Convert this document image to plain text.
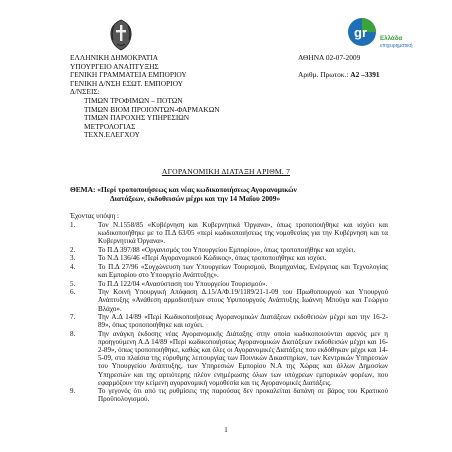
gr Ελλάδα
επιχειρηματική
ΕΛΛΗΝΙΚΗ ΔΗΜΟΚΡΑΤΙΑ
ΥΠΟΥΡΓΕΙΟ ΑΝΑΠΤΥΞΗΣ
ΓΕΝΙΚΗ ΓΡΑΜΜΑΤΕΙΑ ΕΜΠΟΡΙΟΥ
ΓΕΝΙΚΗ Δ/ΝΣΗ ΕΣΩΤ. ΕΜΠΟΡΙΟΥ
Δ/ΝΣΕΙΣ:
ΤΙΜΩΝ ΤΡΟΦΙΜΩΝ – ΠΟΤΩΝ
ΤΙΜΩΝ ΒΙΟΜ ΠΡΟΙΟΝΤΩΝ-ΦΑΡΜΑΚΩΝ
ΤΙΜΩΝ ΠΑΡΟΧΗΣ ΥΠΗΡΕΣΙΩΝ
ΜΕΤΡΟΛΟΓΙΑΣ
ΤΕΧΝ.ΕΛΕΓΧΟΥ
ΑΘΗΝΑ 02-07-2009
Αριθμ. Πρωτοκ.: Α2 –3391
ΑΓΟΡΑΝΟΜΙΚΗ ΔΙΑΤΑΞΗ ΑΡΙΘΜ. 7
ΘΕΜΑ: «Περί τροποποιήσεως και νέας κωδικοποιήσεως Αγορανομικών
Διατάξεων, εκδοθεισών μέχρι και την 14 Μαΐου 2009»
Έχοντας υπόψη :
1.	Τον Ν.1558/85 «Κυβέρνηση και Κυβερνητικά Όργανα», όπως τροποποιήθηκε και ισχύει και κωδικοποιήθηκε με το Π.Δ 63/05 «περί κωδικοποιήσεως της νομοθεσίας για την Κυβέρνηση και τα Κυβερνητικά Όργανα».
2.	Το Π.Δ 397/88 «Οργανισμός του Υπουργείου Εμπορίου», όπως τροποποιήθηκε και ισχύει.
3.	Το Ν.Δ 136/46 «Περί Αγορανομικού Κώδικος», όπως τροποποιήθηκε και ισχύει.
4.	Το Π.Δ 27/96 «Συγχώνευση των Υπουργείων Τουρισμού, Βιομηχανίας, Ενέργειας και Τεχνολογίας και Εμπορίου στο Υπουργείο Ανάπτυξης».
5.	Το Π.Δ 122/04 «Ανασύσταση του Υπουργείου Τουρισμού».
6.	Την Κοινή Υπουργική Απόφαση Δ.15/Α/Φ.19/1189/21-1-09 του Πρωθυπουργού και Υπουργού Ανάπτυξης «Ανάθεση αρμοδιοτήτων στους Υφυπουργούς Ανάπτυξης Ιωάννη Μπούγα και Γεώργιο Βλάχο».
7.	Την Α.Δ 14/89 «Περί Κωδικοποιήσεως Αγορανομικών Διατάξεων εκδοθεισών μέχρι και την 16-2-89», όπως τροποποιήθηκε και ισχύει.
8.	Την ανάγκη έκδοσης νέας Αγορανομικής Διάταξης στην οποία κωδικοποιούνται αφενός μεν η προηγούμενη Α.Δ 14/89 «Περί κωδικοποιήσεως Αγορανομικών Διατάξεων εκδοθεισών μέχρι και 16-2-89», όπως τροποποιήθηκε, καθώς και όλες οι Αγορανομικές Διατάξεις που εκδόθηκαν μέχρι και 14-5-09, στα πλαίσια της εύρυθμης λειτουργίας των Ποινικών Δικαστηρίων, των Κεντρικών Υπηρεσιών του Υπουργείου Ανάπτυξης, των Υπηρεσιών Εμπορίου Ν.Α της Χώρας και άλλων Δημοσίων Υπηρεσιών και της αρτιότερης πλέον ενημέρωσης όλων των υπόχρεων εμπορικών φορέων, που εφαρμόζουν την κείμενη αγορανομική νομοθεσία και τις Αγορανομικές Διατάξεις.
9.	Το γεγονός ότι από τις ρυθμίσεις της παρούσας δεν προκαλείται δαπάνη σε βάρος του Κρατικού Προϋπολογισμού.
1
